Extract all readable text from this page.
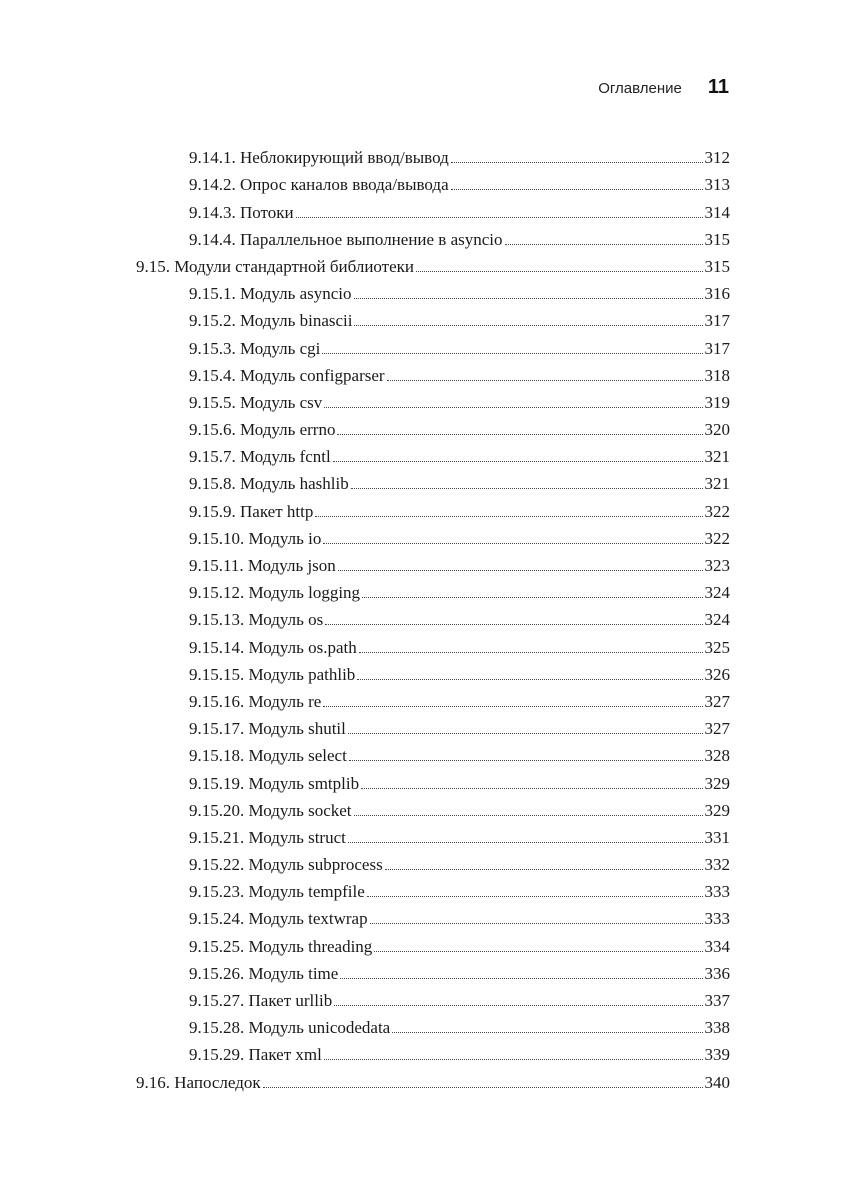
Оглавление 11
9.14.1. Неблокирующий ввод/вывод	312
9.14.2. Опрос каналов ввода/вывода	313
9.14.3. Потоки	314
9.14.4. Параллельное выполнение в asyncio	315
9.15. Модули стандартной библиотеки	315
9.15.1. Модуль asyncio	316
9.15.2. Модуль binascii	317
9.15.3. Модуль cgi	317
9.15.4. Модуль configparser	318
9.15.5. Модуль csv	319
9.15.6. Модуль errno	320
9.15.7. Модуль fcntl	321
9.15.8. Модуль hashlib	321
9.15.9. Пакет http	322
9.15.10. Модуль io	322
9.15.11. Модуль json	323
9.15.12. Модуль logging	324
9.15.13. Модуль os	324
9.15.14. Модуль os.path	325
9.15.15. Модуль pathlib	326
9.15.16. Модуль re	327
9.15.17. Модуль shutil	327
9.15.18. Модуль select	328
9.15.19. Модуль smtplib	329
9.15.20. Модуль socket	329
9.15.21. Модуль struct	331
9.15.22. Модуль subprocess	332
9.15.23. Модуль tempfile	333
9.15.24. Модуль textwrap	333
9.15.25. Модуль threading	334
9.15.26. Модуль time	336
9.15.27. Пакет urllib	337
9.15.28. Модуль unicodedata	338
9.15.29. Пакет xml	339
9.16. Напоследок	340
